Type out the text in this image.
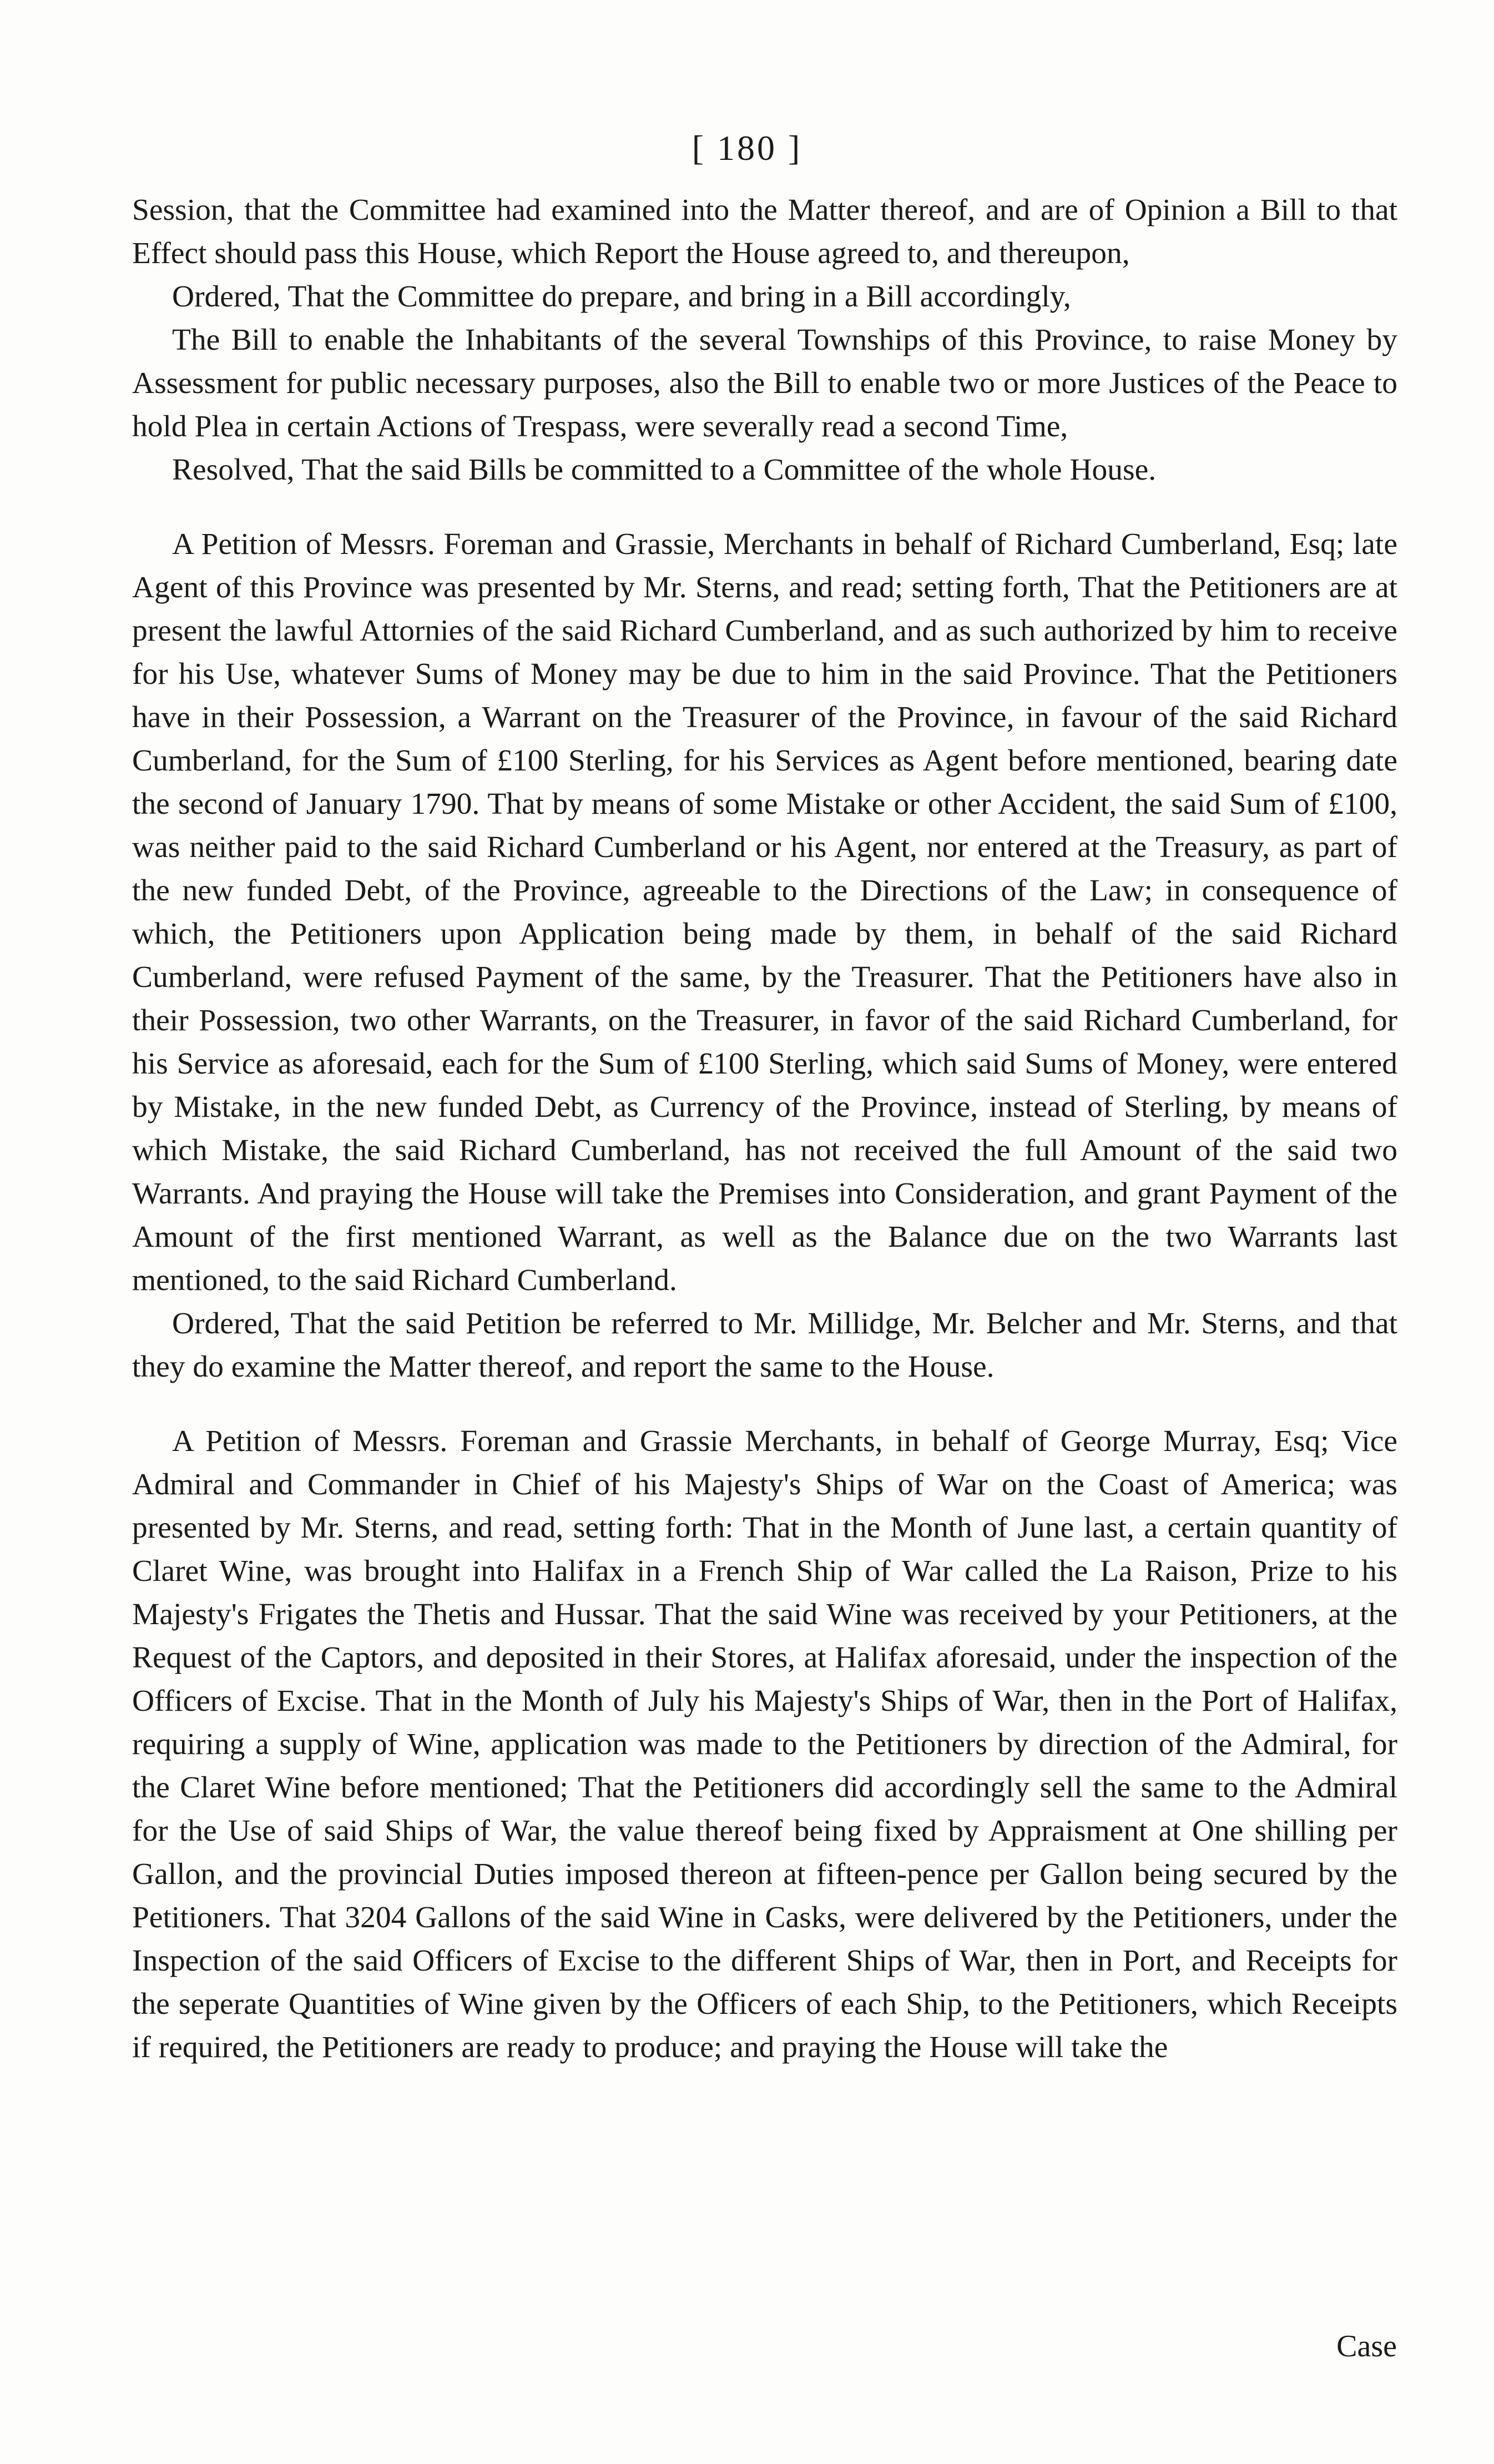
[ 180 ]

Session, that the Committee had examined into the Matter thereof, and are of Opinion a Bill to that Effect should pass this House, which Report the House agreed to, and thereupon,

Ordered, That the Committee do prepare, and bring in a Bill accordingly,

The Bill to enable the Inhabitants of the several Townships of this Province, to raise Money by Assessment for public necessary purposes, also the Bill to enable two or more Justices of the Peace to hold Plea in certain Actions of Trespass, were severally read a second Time,

Resolved, That the said Bills be committed to a Committee of the whole House.

A Petition of Messrs. Foreman and Grassie, Merchants in behalf of Richard Cumberland, Esq; late Agent of this Province was presented by Mr. Sterns, and read; setting forth, That the Petitioners are at present the lawful Attornies of the said Richard Cumberland, and as such authorized by him to receive for his Use, whatever Sums of Money may be due to him in the said Province. That the Petitioners have in their Possession, a Warrant on the Treasurer of the Province, in favour of the said Richard Cumberland, for the Sum of £100 Sterling, for his Services as Agent before mentioned, bearing date the second of January 1790. That by means of some Mistake or other Accident, the said Sum of £100, was neither paid to the said Richard Cumberland or his Agent, nor entered at the Treasury, as part of the new funded Debt, of the Province, agreeable to the Directions of the Law; in consequence of which, the Petitioners upon Application being made by them, in behalf of the said Richard Cumberland, were refused Payment of the same, by the Treasurer. That the Petitioners have also in their Possession, two other Warrants, on the Treasurer, in favor of the said Richard Cumberland, for his Service as aforesaid, each for the Sum of £100 Sterling, which said Sums of Money, were entered by Mistake, in the new funded Debt, as Currency of the Province, instead of Sterling, by means of which Mistake, the said Richard Cumberland, has not received the full Amount of the said two Warrants. And praying the House will take the Premises into Consideration, and grant Payment of the Amount of the first mentioned Warrant, as well as the Balance due on the two Warrants last mentioned, to the said Richard Cumberland.

Ordered, That the said Petition be referred to Mr. Millidge, Mr. Belcher and Mr. Sterns, and that they do examine the Matter thereof, and report the same to the House.

A Petition of Messrs. Foreman and Grassie Merchants, in behalf of George Murray, Esq; Vice Admiral and Commander in Chief of his Majesty's Ships of War on the Coast of America; was presented by Mr. Sterns, and read, setting forth: That in the Month of June last, a certain quantity of Claret Wine, was brought into Halifax in a French Ship of War called the La Raison, Prize to his Majesty's Frigates the Thetis and Hussar. That the said Wine was received by your Petitioners, at the Request of the Captors, and deposited in their Stores, at Halifax aforesaid, under the inspection of the Officers of Excise. That in the Month of July his Majesty's Ships of War, then in the Port of Halifax, requiring a supply of Wine, application was made to the Petitioners by direction of the Admiral, for the Claret Wine before mentioned; That the Petitioners did accordingly sell the same to the Admiral for the Use of said Ships of War, the value thereof being fixed by Appraisment at One shilling per Gallon, and the provincial Duties imposed thereon at fifteen-pence per Gallon being secured by the Petitioners. That 3204 Gallons of the said Wine in Casks, were delivered by the Petitioners, under the Inspection of the said Officers of Excise to the different Ships of War, then in Port, and Receipts for the seperate Quantities of Wine given by the Officers of each Ship, to the Petitioners, which Receipts if required, the Petitioners are ready to produce; and praying the House will take the

Case
